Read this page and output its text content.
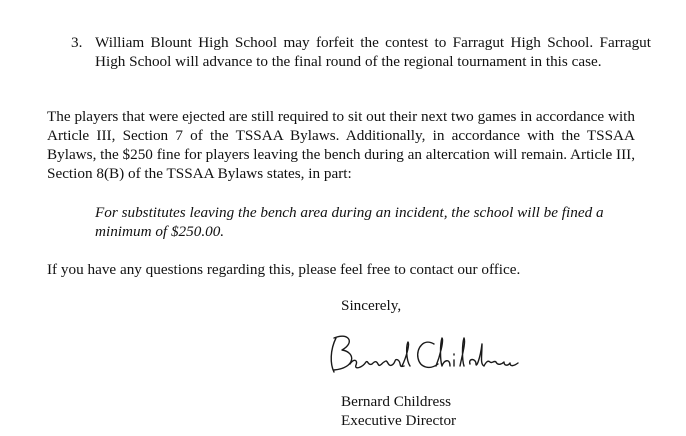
3. William Blount High School may forfeit the contest to Farragut High School. Farragut High School will advance to the final round of the regional tournament in this case.
The players that were ejected are still required to sit out their next two games in accordance with Article III, Section 7 of the TSSAA Bylaws. Additionally, in accordance with the TSSAA Bylaws, the $250 fine for players leaving the bench during an altercation will remain. Article III, Section 8(B) of the TSSAA Bylaws states, in part:
For substitutes leaving the bench area during an incident, the school will be fined a minimum of $250.00.
If you have any questions regarding this, please feel free to contact our office.
Sincerely,
Bernard Childress
Executive Director
